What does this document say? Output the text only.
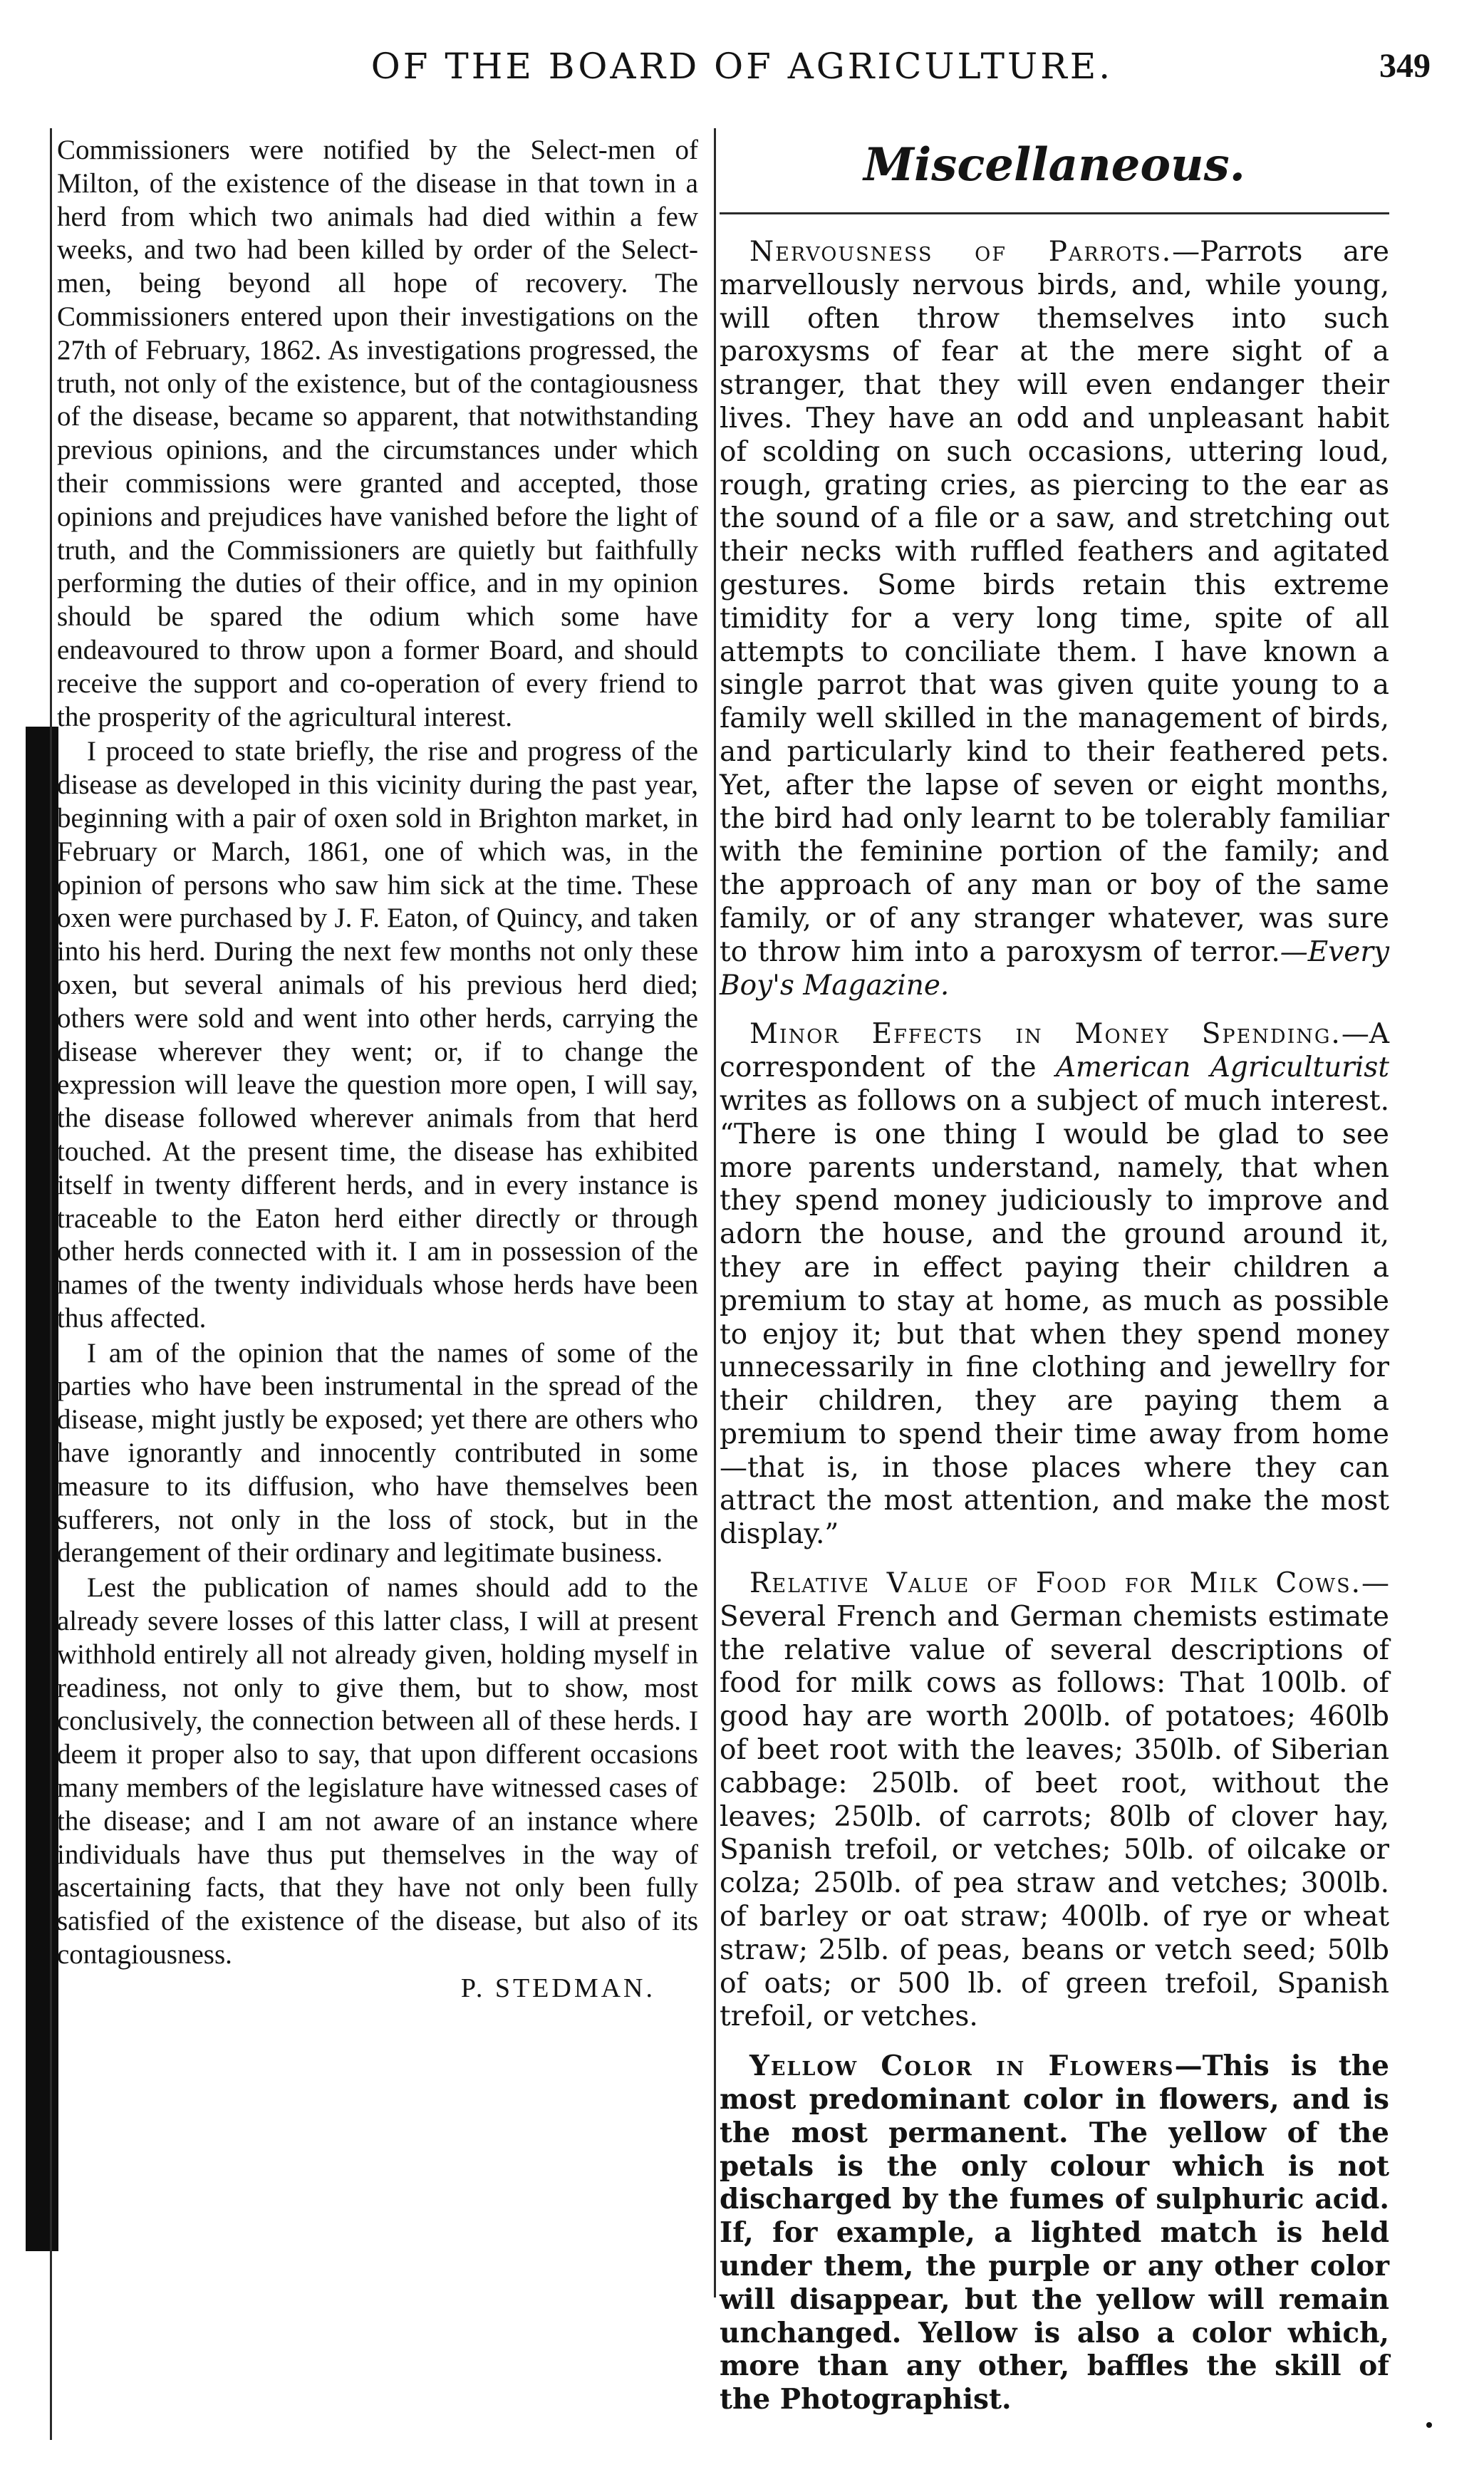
OF THE BOARD OF AGRICULTURE.	349

Commissioners were notified by the Select-men of Milton, of the existence of the disease in that town in a herd from which two animals had died within a few weeks, and two had been killed by order of the Select-men, being beyond all hope of recovery. The Commissioners entered upon their investigations on the 27th of February, 1862. As investigations progressed, the truth, not only of the existence, but of the contagiousness of the disease, became so apparent, that notwithstanding previous opinions, and the circumstances under which their commissions were granted and accepted, those opinions and prejudices have vanished before the light of truth, and the Commissioners are quietly but faithfully performing the duties of their office, and in my opinion should be spared the odium which some have endeavoured to throw upon a former Board, and should receive the support and co-operation of every friend to the prosperity of the agricultural interest.

I proceed to state briefly, the rise and progress of the disease as developed in this vicinity during the past year, beginning with a pair of oxen sold in Brighton market, in February or March, 1861, one of which was, in the opinion of persons who saw him sick at the time. These oxen were purchased by J. F. Eaton, of Quincy, and taken into his herd. During the next few months not only these oxen, but several animals of his previous herd died; others were sold and went into other herds, carrying the disease wherever they went; or, if to change the expression will leave the question more open, I will say, the disease followed wherever animals from that herd touched. At the present time, the disease has exhibited itself in twenty different herds, and in every instance is traceable to the Eaton herd either directly or through other herds connected with it. I am in possession of the names of the twenty individuals whose herds have been thus affected.

I am of the opinion that the names of some of the parties who have been instrumental in the spread of the disease, might justly be exposed; yet there are others who have ignorantly and innocently contributed in some measure to its diffusion, who have themselves been sufferers, not only in the loss of stock, but in the derangement of their ordinary and legitimate business.

Lest the publication of names should add to the already severe losses of this latter class, I will at present withhold entirely all not already given, holding myself in readiness, not only to give them, but to show, most conclusively, the connection between all of these herds. I deem it proper also to say, that upon different occasions many members of the legislature have witnessed cases of the disease; and I am not aware of an instance where individuals have thus put themselves in the way of ascertaining facts, that they have not only been fully satisfied of the existence of the disease, but also of its contagiousness.

P. STEDMAN.
Miscellaneous.

Nervousness of Parrots.—Parrots are marvellously nervous birds, and, while young, will often throw themselves into such paroxysms of fear at the mere sight of a stranger, that they will even endanger their lives. They have an odd and unpleasant habit of scolding on such occasions, uttering loud, rough, grating cries, as piercing to the ear as the sound of a file or a saw, and stretching out their necks with ruffled feathers and agitated gestures. Some birds retain this extreme timidity for a very long time, spite of all attempts to conciliate them. I have known a single parrot that was given quite young to a family well skilled in the management of birds, and particularly kind to their feathered pets. Yet, after the lapse of seven or eight months, the bird had only learnt to be tolerably familiar with the feminine portion of the family; and the approach of any man or boy of the same family, or of any stranger whatever, was sure to throw him into a paroxysm of terror.—Every Boy's Magazine.

Minor Effects in Money Spending.—A correspondent of the American Agriculturist writes as follows on a subject of much interest. “There is one thing I would be glad to see more parents understand, namely, that when they spend money judiciously to improve and adorn the house, and the ground around it, they are in effect paying their children a premium to stay at home, as much as possible to enjoy it; but that when they spend money unnecessarily in fine clothing and jewellry for their children, they are paying them a premium to spend their time away from home—that is, in those places where they can attract the most attention, and make the most display.”

Relative Value of Food for Milk Cows.—Several French and German chemists estimate the relative value of several descriptions of food for milk cows as follows: That 100lb. of good hay are worth 200lb. of potatoes; 460lb of beet root with the leaves; 350lb. of Siberian cabbage: 250lb. of beet root, without the leaves; 250lb. of carrots; 80lb of clover hay, Spanish trefoil, or vetches; 50lb. of oilcake or colza; 250lb. of pea straw and vetches; 300lb. of barley or oat straw; 400lb. of rye or wheat straw; 25lb. of peas, beans or vetch seed; 50lb of oats; or 500 lb. of green trefoil, Spanish trefoil, or vetches.

Yellow Color in Flowers—This is the most predominant color in flowers, and is the most permanent. The yellow of the petals is the only colour which is not discharged by the fumes of sulphuric acid. If, for example, a lighted match is held under them, the purple or any other color will disappear, but the yellow will remain unchanged. Yellow is also a color which, more than any other, baffles the skill of the Photographist.
